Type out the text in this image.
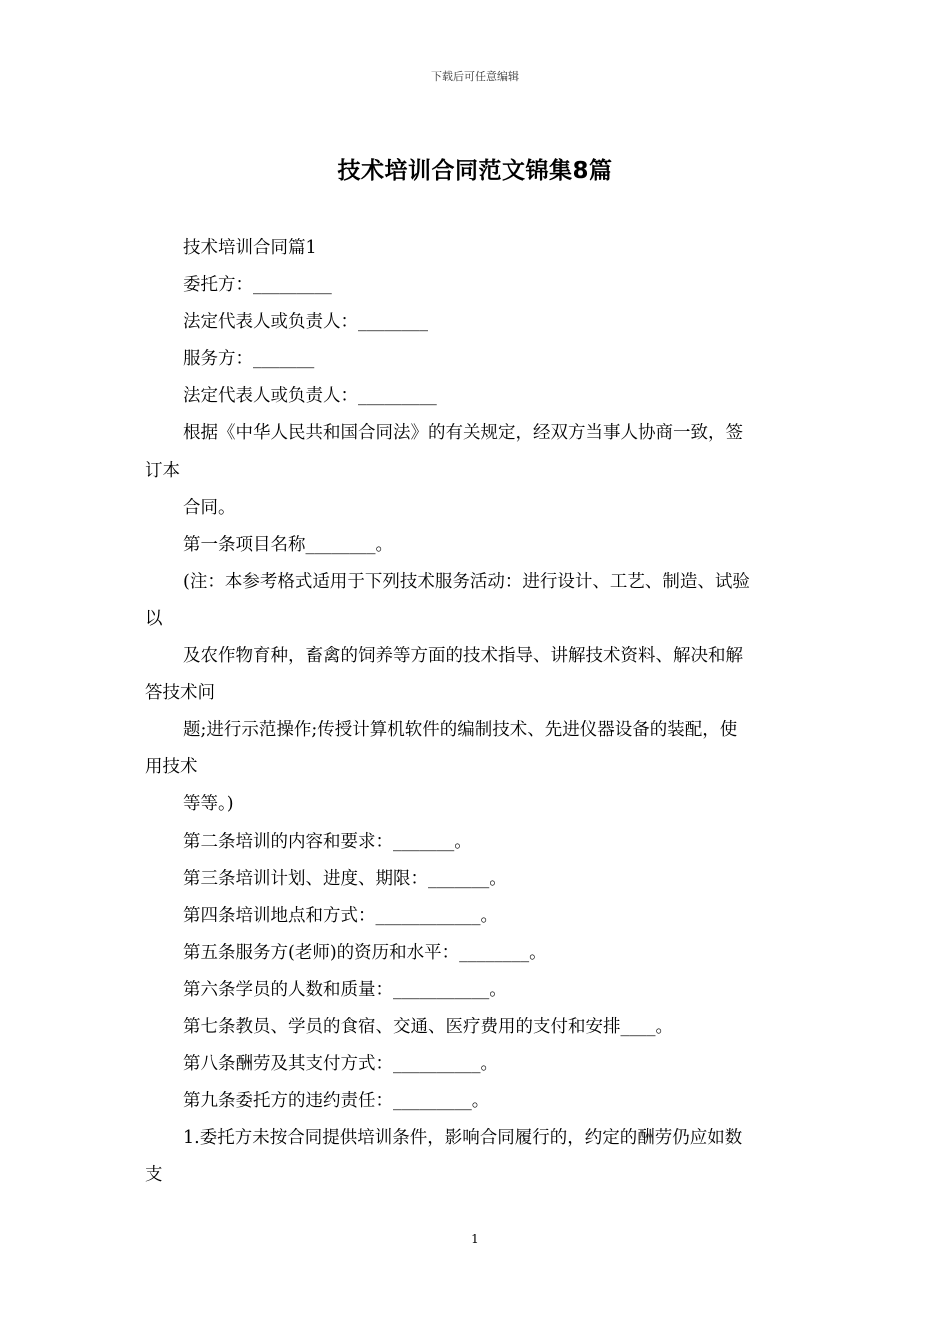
下载后可任意编辑
技术培训合同范文锦集8篇
技术培训合同篇1
委托方：_________
法定代表人或负责人：________
服务方：_______
法定代表人或负责人：_________
根据《中华人民共和国合同法》的有关规定，经双方当事人协商一致，签
订本
合同。
第一条项目名称________。
(注：本参考格式适用于下列技术服务活动：进行设计、工艺、制造、试验
以
及农作物育种，畜禽的饲养等方面的技术指导、讲解技术资料、解决和解
答技术问
题;进行示范操作;传授计算机软件的编制技术、先进仪器设备的装配，使
用技术
等等。)
第二条培训的内容和要求：_______。
第三条培训计划、进度、期限：_______。
第四条培训地点和方式：____________。
第五条服务方(老师)的资历和水平：________。
第六条学员的人数和质量：___________。
第七条教员、学员的食宿、交通、医疗费用的支付和安排____。
第八条酬劳及其支付方式：__________。
第九条委托方的违约责任：_________。
1.委托方未按合同提供培训条件，影响合同履行的，约定的酬劳仍应如数
支
1
